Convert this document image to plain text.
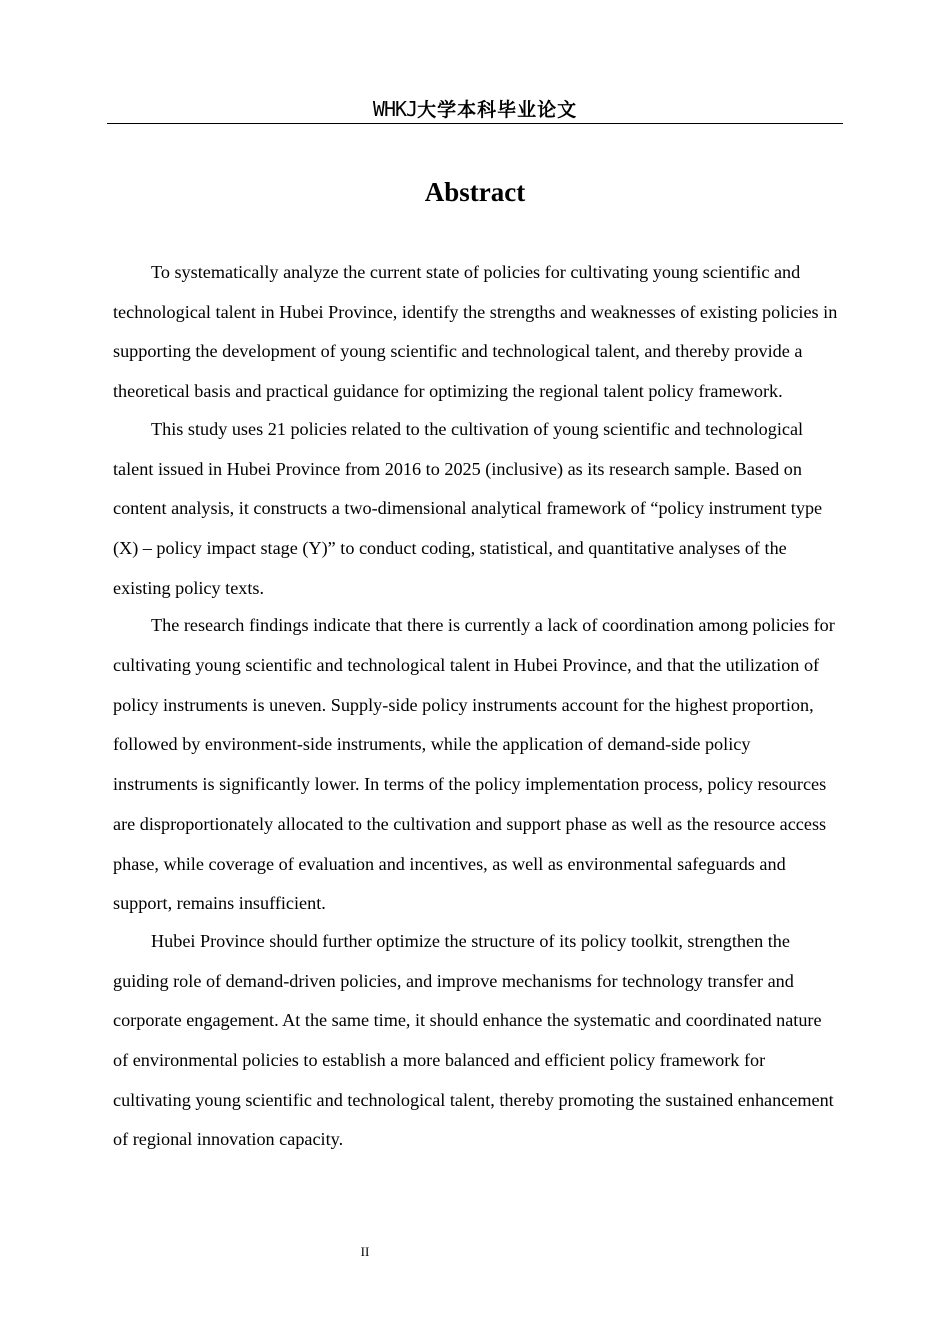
WHKJ大学本科毕业论文
Abstract

To systematically analyze the current state of policies for cultivating young scientific and technological talent in Hubei Province, identify the strengths and weaknesses of existing policies in supporting the development of young scientific and technological talent, and thereby provide a theoretical basis and practical guidance for optimizing the regional talent policy framework.

This study uses 21 policies related to the cultivation of young scientific and technological talent issued in Hubei Province from 2016 to 2025 (inclusive) as its research sample. Based on content analysis, it constructs a two-dimensional analytical framework of “policy instrument type (X) – policy impact stage (Y)” to conduct coding, statistical, and quantitative analyses of the existing policy texts.

The research findings indicate that there is currently a lack of coordination among policies for cultivating young scientific and technological talent in Hubei Province, and that the utilization of policy instruments is uneven. Supply-side policy instruments account for the highest proportion, followed by environment-side instruments, while the application of demand-side policy instruments is significantly lower. In terms of the policy implementation process, policy resources are disproportionately allocated to the cultivation and support phase as well as the resource access phase, while coverage of evaluation and incentives, as well as environmental safeguards and support, remains insufficient.

Hubei Province should further optimize the structure of its policy toolkit, strengthen the guiding role of demand-driven policies, and improve mechanisms for technology transfer and corporate engagement. At the same time, it should enhance the systematic and coordinated nature of environmental policies to establish a more balanced and efficient policy framework for cultivating young scientific and technological talent, thereby promoting the sustained enhancement of regional innovation capacity.

II
